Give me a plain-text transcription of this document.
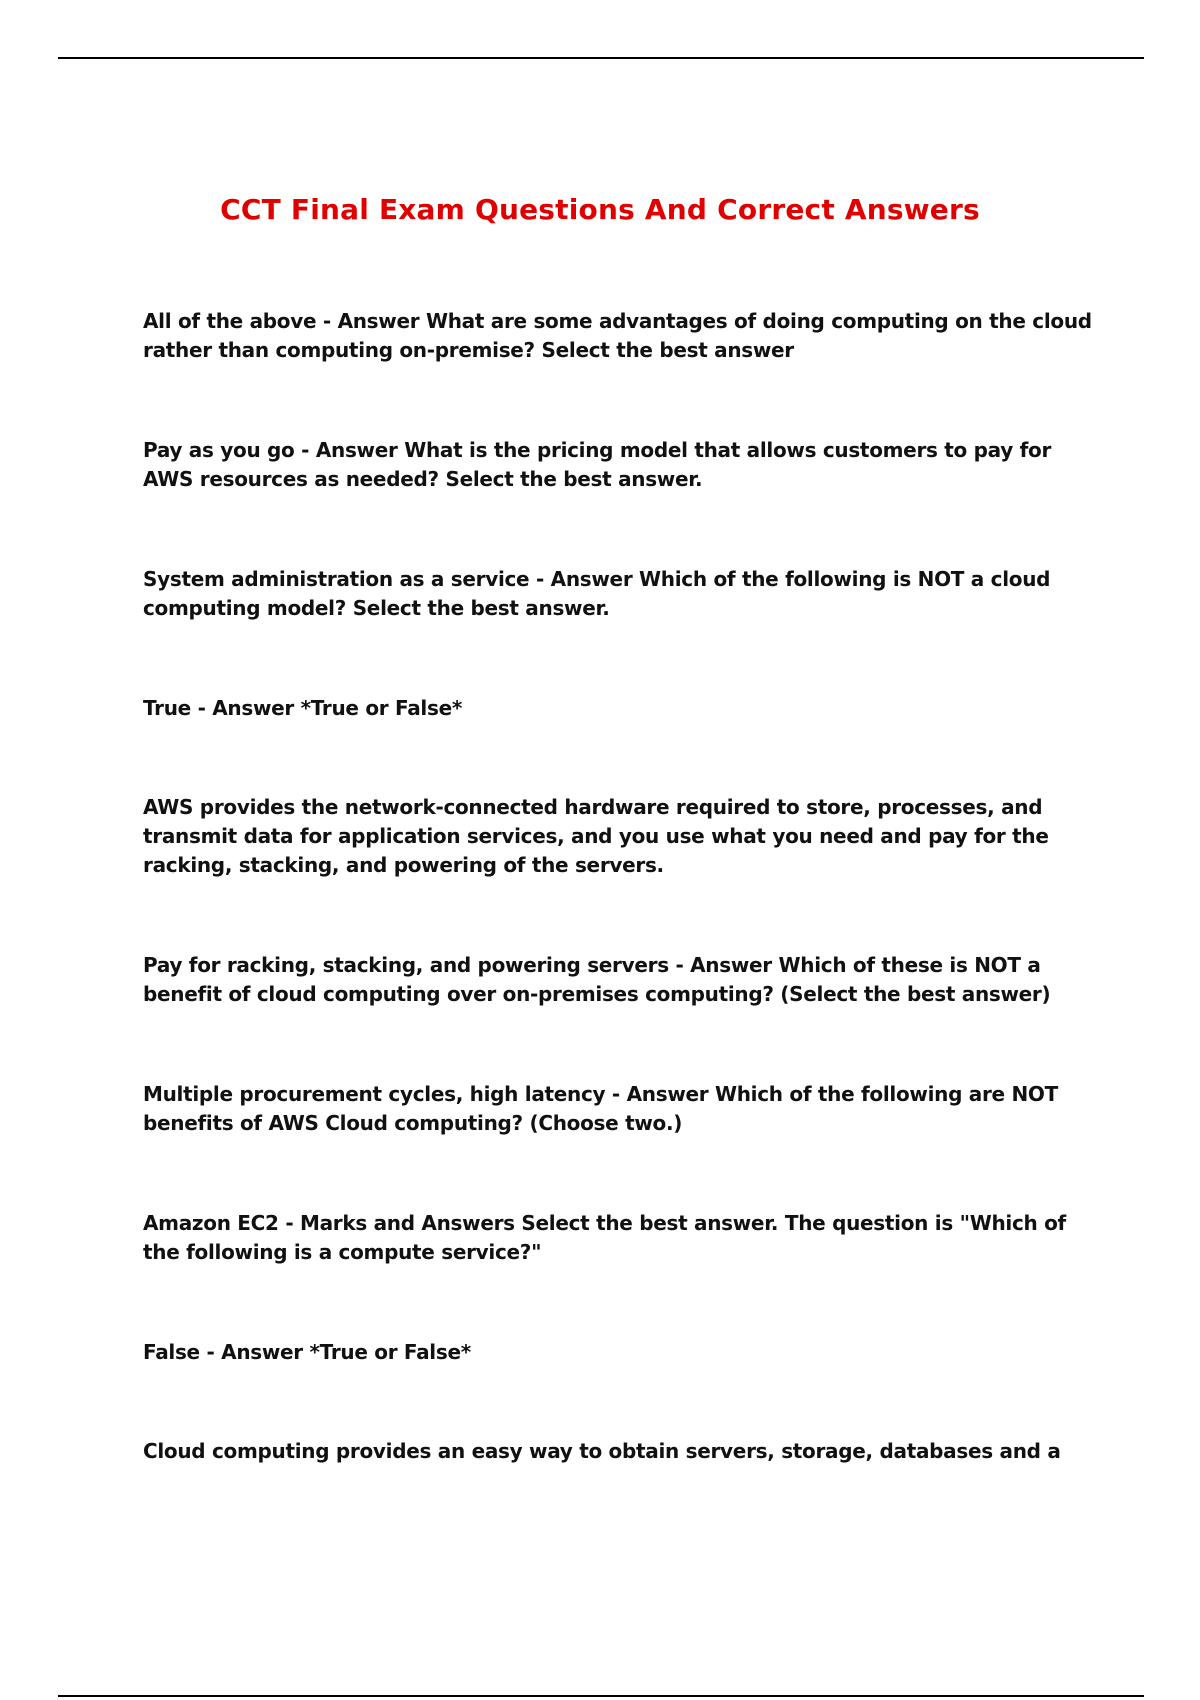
CCT Final Exam Questions And Correct Answers
All of the above - Answer What are some advantages of doing computing on the cloud rather than computing on-premise? Select the best answer
Pay as you go - Answer What is the pricing model that allows customers to pay for AWS resources as needed? Select the best answer.
System administration as a service - Answer Which of the following is NOT a cloud computing model? Select the best answer.
True - Answer *True or False*
AWS provides the network-connected hardware required to store, processes, and transmit data for application services, and you use what you need and pay for the racking, stacking, and powering of the servers.
Pay for racking, stacking, and powering servers - Answer Which of these is NOT a benefit of cloud computing over on-premises computing? (Select the best answer)
Multiple procurement cycles, high latency - Answer Which of the following are NOT benefits of AWS Cloud computing? (Choose two.)
Amazon EC2 - Marks and Answers Select the best answer. The question is "Which of the following is a compute service?"
False - Answer *True or False*
Cloud computing provides an easy way to obtain servers, storage, databases and a
